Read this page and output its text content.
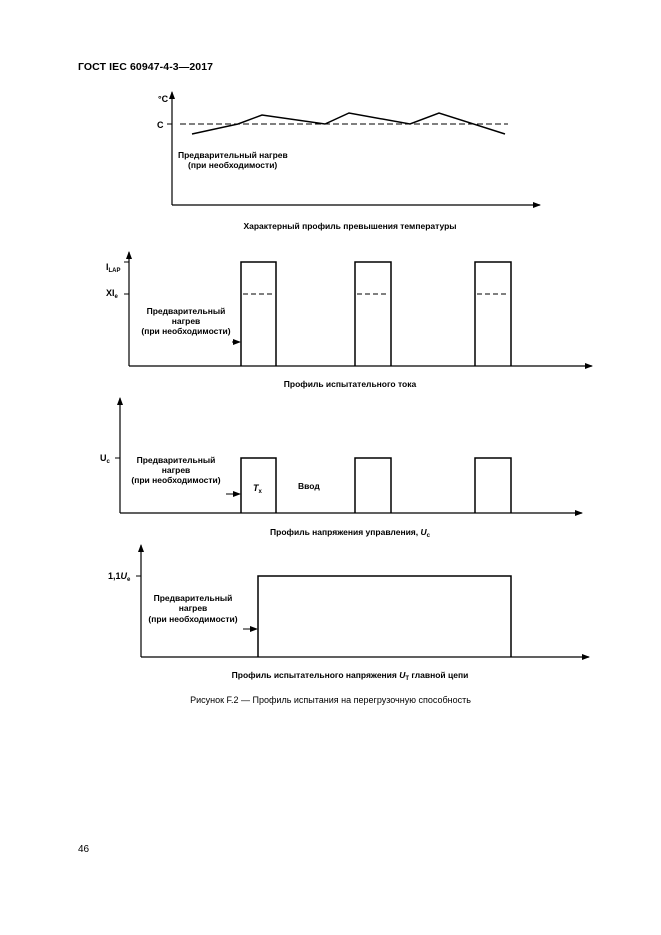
ГОСТ IEC 60947-4-3—2017
°C
C
Предварительный нагрев
(при необходимости)
Характерный профиль превышения температуры
$I_{LAP}$
$XI_e$
Предварительный
нагрев
(при необходимости)
Профиль испытательного тока
$U_c$	Предварительный
нагрев
(при необходимости)
$T_x$
Ввод
Профиль напряжения управления, $U_c$
$1,1U_e$
Предварительный
нагрев
(при необходимости)
Профиль испытательного напряжения $U_T$ главной цепи
Рисунок F.2 — Профиль испытания на перегрузочную способность
46
